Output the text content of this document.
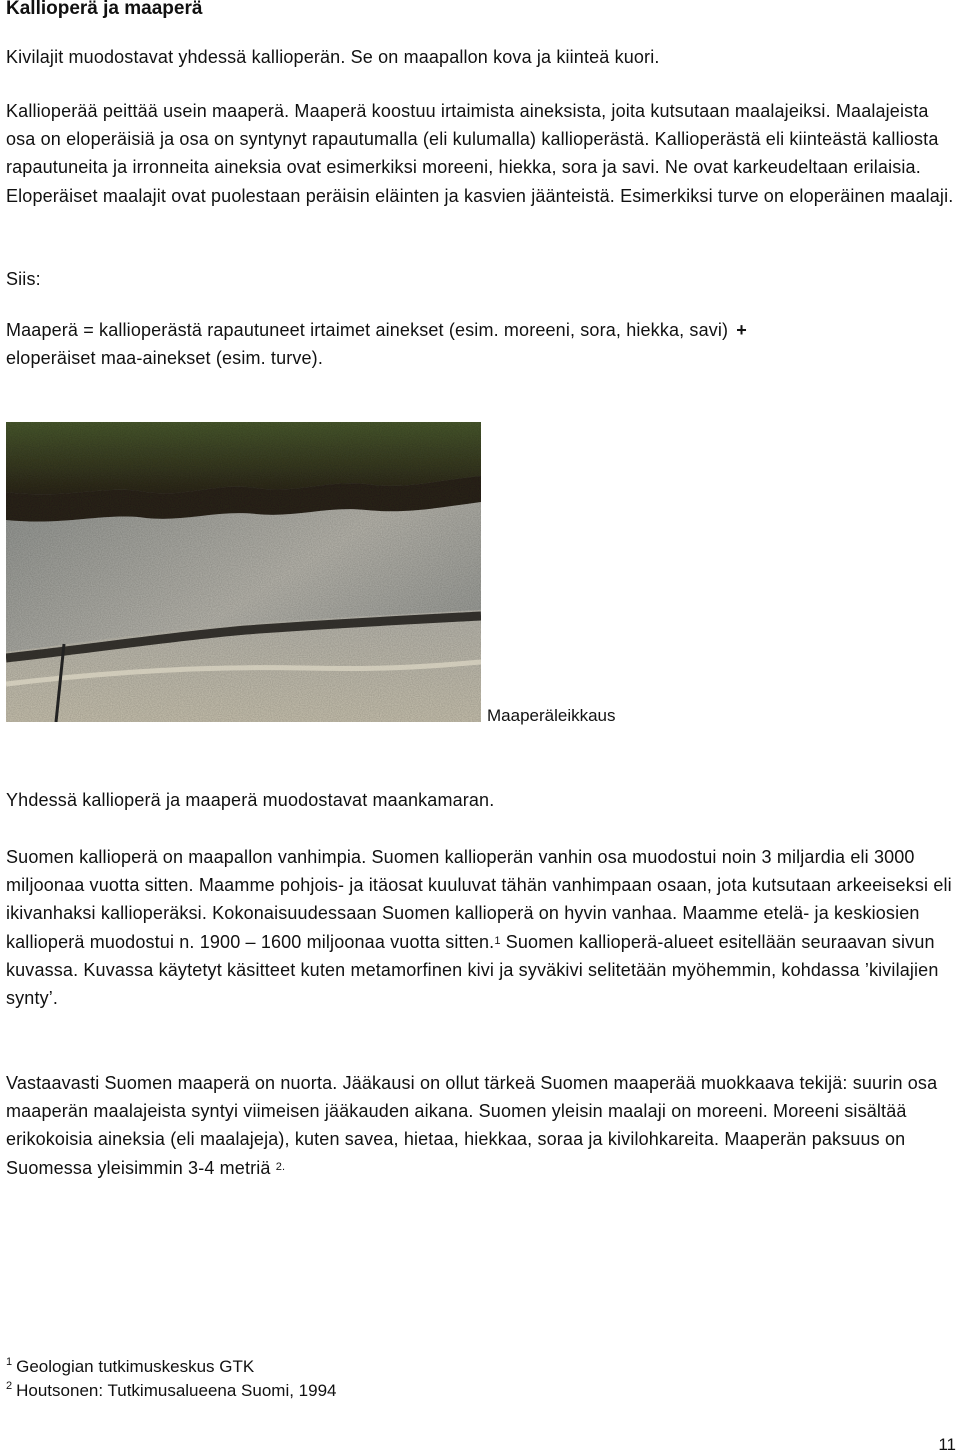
Kallioperä ja maaperä

Kivilajit muodostavat yhdessä kallioperän. Se on maapallon kova ja kiinteä kuori.

Kallioperää peittää usein maaperä. Maaperä koostuu irtaimista aineksista, joita kutsutaan maalajeiksi. Maalajeista osa on eloperäisiä ja osa on syntynyt rapautumalla (eli kulumalla) kallioperästä. Kallioperästä eli kiinteästä kalliosta rapautuneita ja irronneita aineksia ovat esimerkiksi moreeni, hiekka, sora ja savi. Ne ovat karkeudeltaan erilaisia. Eloperäiset maalajit ovat puolestaan peräisin eläinten ja kasvien jäänteistä. Esimerkiksi turve on eloperäinen maalaji.

Siis:

Maaperä = kallioperästä rapautuneet irtaimet ainekset (esim. moreeni, sora, hiekka, savi) +
eloperäiset maa-ainekset (esim. turve).

Maaperäleikkaus

Yhdessä kallioperä ja maaperä muodostavat maankamaran.

Suomen kallioperä on maapallon vanhimpia. Suomen kallioperän vanhin osa muodostui noin 3 miljardia eli 3000 miljoonaa vuotta sitten. Maamme pohjois- ja itäosat kuuluvat tähän vanhimpaan osaan, jota kutsutaan arkeeiseksi eli ikivanhaksi kallioperäksi. Kokonaisuudessaan Suomen kallioperä on hyvin vanhaa. Maamme etelä- ja keskiosien kallioperä muodostui n. 1900 – 1600 miljoonaa vuotta sitten.$^1$ Suomen kallioperä-alueet esitellään seuraavan sivun kuvassa. Kuvassa käytetyt käsitteet kuten metamorfinen kivi ja syväkivi selitetään myöhemmin, kohdassa ’kivilajien synty’.

Vastaavasti Suomen maaperä on nuorta. Jääkausi on ollut tärkeä Suomen maaperää muokkaava tekijä: suurin osa maaperän maalajeista syntyi viimeisen jääkauden aikana. Suomen yleisin maalaji on moreeni. Moreeni sisältää erikokoisia aineksia (eli maalajeja), kuten savea, hietaa, hiekkaa, soraa ja kivilohkareita. Maaperän paksuus on Suomessa yleisimmin 3-4 metriä $^{2.}$

$^1$ Geologian tutkimuskeskus GTK
$^2$ Houtsonen: Tutkimusalueena Suomi, 1994
11
